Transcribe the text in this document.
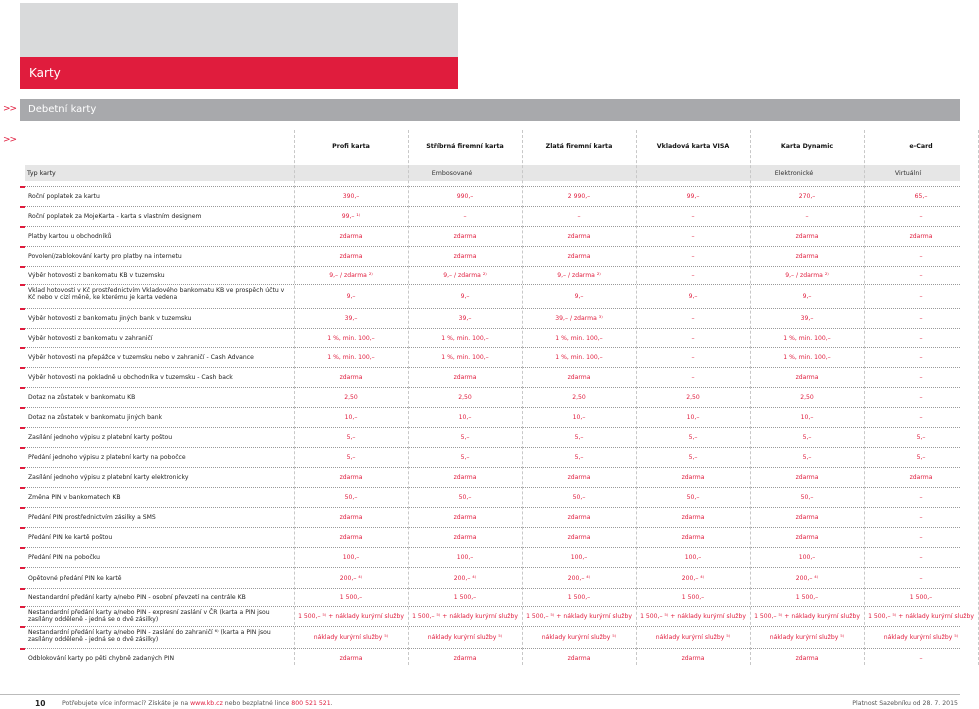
Karty
>> Debetní karty
>>
Profi karta	Stříbrná firemní karta	Zlatá firemní karta	Vkladová karta VISA	Karta Dynamic	e-Card
Typ karty	Embosované	Elektronické	Virtuální
Roční poplatek za kartu	390,–	990,–	2 990,–	99,–	270,–	65,–
Roční poplatek za MojeKarta - karta s vlastním designem	99,– ¹⁾	–	–	–	–	–
Platby kartou u obchodníků	zdarma	zdarma	zdarma	–	zdarma	zdarma
Povolení/zablokování karty pro platby na internetu	zdarma	zdarma	zdarma	–	zdarma	–
Výběr hotovosti z bankomatu KB v tuzemsku	9,– / zdarma ²⁾	9,– / zdarma ²⁾	9,– / zdarma ²⁾	–	9,– / zdarma ²⁾	–
Vklad hotovosti v Kč prostřednictvím Vkladového bankomatu KB ve prospěch účtu v Kč nebo v cizí měně, ke kterému je karta vedena	9,–	9,–	9,–	9,–	9,–	–
Výběr hotovosti z bankomatu jiných bank v tuzemsku	39,–	39,–	39,– / zdarma ³⁾	–	39,–	–
Výběr hotovosti z bankomatu v zahraničí	1 %, min. 100,–	1 %, min. 100,–	1 %, min. 100,–	–	1 %, min. 100,–	–
Výběr hotovosti na přepážce v tuzemsku nebo v zahraničí - Cash Advance	1 %, min. 100,–	1 %, min. 100,–	1 %, min. 100,–	–	1 %, min. 100,–	–
Výběr hotovosti na pokladně u obchodníka v tuzemsku - Cash back	zdarma	zdarma	zdarma	–	zdarma	–
Dotaz na zůstatek v bankomatu KB	2,50	2,50	2,50	2,50	2,50	–
Dotaz na zůstatek v bankomatu jiných bank	10,–	10,–	10,–	10,–	10,–	–
Zasílání jednoho výpisu z platební karty poštou	5,–	5,–	5,–	5,–	5,–	5,–
Předání jednoho výpisu z platební karty na pobočce	5,–	5,–	5,–	5,–	5,–	5,–
Zasílání jednoho výpisu z platební karty elektronicky	zdarma	zdarma	zdarma	zdarma	zdarma	zdarma
Změna PIN v bankomatech KB	50,–	50,–	50,–	50,–	50,–	–
Předání PIN prostřednictvím zásilky a SMS	zdarma	zdarma	zdarma	zdarma	zdarma	–
Předání PIN ke kartě poštou	zdarma	zdarma	zdarma	zdarma	zdarma	–
Předání PIN na pobočku	100,–	100,–	100,–	100,–	100,–	–
Opětovné předání PIN ke kartě	200,– ⁴⁾	200,– ⁴⁾	200,– ⁴⁾	200,– ⁴⁾	200,– ⁴⁾	–
Nestandardní předání karty a/nebo PIN - osobní převzetí na centrále KB	1 500,–	1 500,–	1 500,–	1 500,–	1 500,–	1 500,–
Nestandardní předání karty a/nebo PIN - expresní zaslání v ČR (karta a PIN jsou zasílány odděleně - jedná se o dvě zásilky)	1 500,– ⁵⁾ + náklady kurýrní služby	1 500,– ⁵⁾ + náklady kurýrní služby	1 500,– ⁵⁾ + náklady kurýrní služby	1 500,– ⁵⁾ + náklady kurýrní služby	1 500,– ⁵⁾ + náklady kurýrní služby	1 500,– ⁵⁾ + náklady kurýrní služby
Nestandardní předání karty a/nebo PIN - zaslání do zahraničí ⁶⁾ (karta a PIN jsou zasílány odděleně - jedná se o dvě zásilky)	náklady kurýrní služby ⁵⁾	náklady kurýrní služby ⁵⁾	náklady kurýrní služby ⁵⁾	náklady kurýrní služby ⁵⁾	náklady kurýrní služby ⁵⁾	náklady kurýrní služby ⁵⁾
Odblokování karty po pěti chybně zadaných PIN	zdarma	zdarma	zdarma	zdarma	zdarma	–
10	Potřebujete více informací? Získáte je na www.kb.cz nebo bezplatné lince 800 521 521.	Platnost Sazebníku od 28. 7. 2015
